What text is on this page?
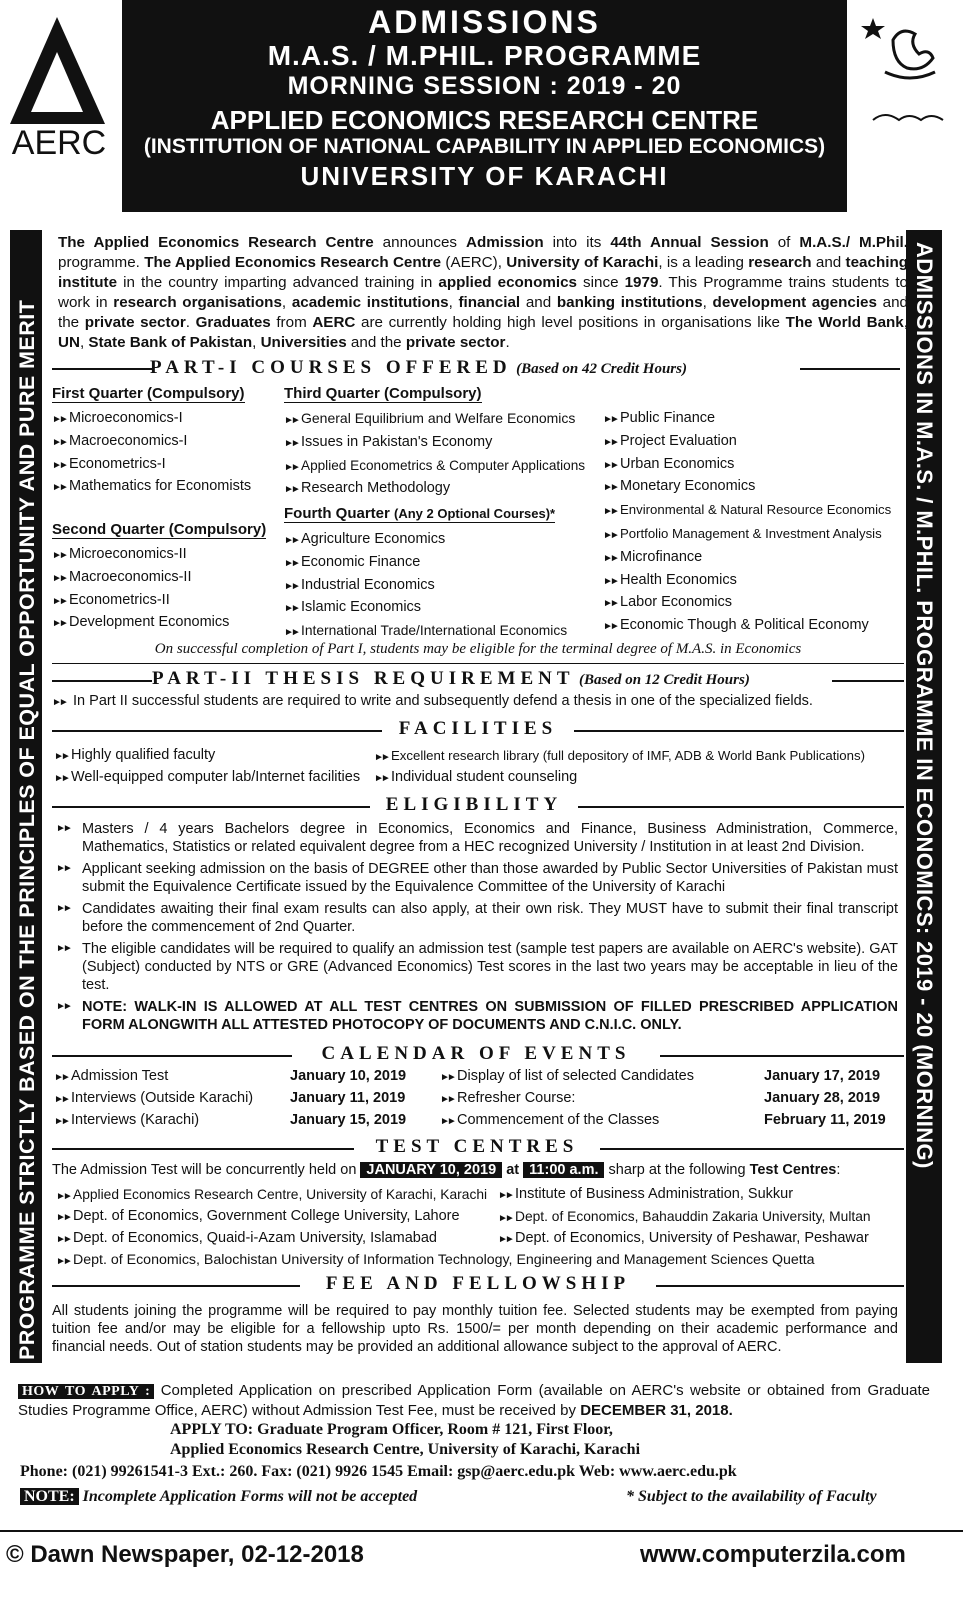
AERC
ADMISSIONS
M.A.S. / M.PHIL. PROGRAMME
MORNING SESSION : 2019 - 20
APPLIED ECONOMICS RESEARCH CENTRE
(INSTITUTION OF NATIONAL CAPABILITY IN APPLIED ECONOMICS)
UNIVERSITY OF KARACHI
PROGRAMME STRICTLY BASED ON THE PRINCIPLES OF EQUAL OPPORTUNITY AND PURE MERIT	ADMISSIONS IN M.A.S. / M.PHIL. PROGRAMME IN ECONOMICS: 2019 - 20 (MORNING)
The Applied Economics Research Centre announces Admission into its 44th Annual Session of M.A.S./ M.Phil. programme. The Applied Economics Research Centre (AERC), University of Karachi, is a leading research and teaching institute in the country imparting advanced training in applied economics since 1979. This Programme trains students to work in research organisations, academic institutions, financial and banking institutions, development agencies and the private sector. Graduates from AERC are currently holding high level positions in organisations like The World Bank, UN, State Bank of Pakistan, Universities and the private sector.
PART-I COURSES OFFERED (Based on 42 Credit Hours)
First Quarter (Compulsory)
►► Microeconomics-I
►► Macroeconomics-I
►► Econometrics-I
►► Mathematics for Economists
Second Quarter (Compulsory)
►► Microeconomics-II
►► Macroeconomics-II
►► Econometrics-II
►► Development Economics
Third Quarter (Compulsory)
►► General Equilibrium and Welfare Economics
►► Issues in Pakistan's Economy
►► Applied Econometrics & Computer Applications
►► Research Methodology
Fourth Quarter (Any 2 Optional Courses)*
►► Agriculture Economics
►► Economic Finance
►► Industrial Economics
►► Islamic Economics
►► International Trade/International Economics
►► Public Finance
►► Project Evaluation
►► Urban Economics
►► Monetary Economics
►► Environmental & Natural Resource Economics
►► Portfolio Management & Investment Analysis
►► Microfinance
►► Health Economics
►► Labor Economics
►► Economic Though & Political Economy
On successful completion of Part I, students may be eligible for the terminal degree of M.A.S. in Economics
PART-II THESIS REQUIREMENT (Based on 12 Credit Hours)
►► In Part II successful students are required to write and subsequently defend a thesis in one of the specialized fields.
FACILITIES
►► Highly qualified faculty
►► Well-equipped computer lab/Internet facilities
►► Excellent research library (full depository of IMF, ADB & World Bank Publications)
►► Individual student counseling
ELIGIBILITY
►► Masters / 4 years Bachelors degree in Economics, Economics and Finance, Business Administration, Commerce, Mathematics, Statistics or related equivalent degree from a HEC recognized University / Institution in at least 2nd Division.
►► Applicant seeking admission on the basis of DEGREE other than those awarded by Public Sector Universities of Pakistan must submit the Equivalence Certificate issued by the Equivalence Committee of the University of Karachi
►► Candidates awaiting their final exam results can also apply, at their own risk. They MUST have to submit their final transcript before the commencement of 2nd Quarter.
►► The eligible candidates will be required to qualify an admission test (sample test papers are available on AERC's website). GAT (Subject) conducted by NTS or GRE (Advanced Economics) Test scores in the last two years may be acceptable in lieu of the test.
►► NOTE: WALK-IN IS ALLOWED AT ALL TEST CENTRES ON SUBMISSION OF FILLED PRESCRIBED APPLICATION FORM ALONGWITH ALL ATTESTED PHOTOCOPY OF DOCUMENTS AND C.N.I.C. ONLY.
CALENDAR OF EVENTS
►► Admission Test	January 10, 2019
►► Interviews (Outside Karachi)	January 11, 2019
►► Interviews (Karachi)	January 15, 2019
►► Display of list of selected Candidates	January 17, 2019
►► Refresher Course:	January 28, 2019
►► Commencement of the Classes	February 11, 2019
TEST CENTRES
The Admission Test will be concurrently held on JANUARY 10, 2019 at 11:00 a.m. sharp at the following Test Centres:
►► Applied Economics Research Centre, University of Karachi, Karachi
►► Dept. of Economics, Government College University, Lahore
►► Dept. of Economics, Quaid-i-Azam University, Islamabad
►► Institute of Business Administration, Sukkur
►► Dept. of Economics, Bahauddin Zakaria University, Multan
►► Dept. of Economics, University of Peshawar, Peshawar
►► Dept. of Economics, Balochistan University of Information Technology, Engineering and Management Sciences Quetta
FEE AND FELLOWSHIP
All students joining the programme will be required to pay monthly tuition fee. Selected students may be exempted from paying tuition fee and/or may be eligible for a fellowship upto Rs. 1500/= per month depending on their academic performance and financial needs. Out of station students may be provided an additional allowance subject to the approval of AERC.
HOW TO APPLY : Completed Application on prescribed Application Form (available on AERC's website or obtained from Graduate Studies Programme Office, AERC) without Admission Test Fee, must be received by DECEMBER 31, 2018.
APPLY TO: Graduate Program Officer, Room # 121, First Floor,
Applied Economics Research Centre, University of Karachi, Karachi
Phone: (021) 99261541-3 Ext.: 260. Fax: (021) 9926 1545 Email: gsp@aerc.edu.pk Web: www.aerc.edu.pk
NOTE: Incomplete Application Forms will not be accepted	* Subject to the availability of Faculty
© Dawn Newspaper, 02-12-2018	www.computerzila.com
